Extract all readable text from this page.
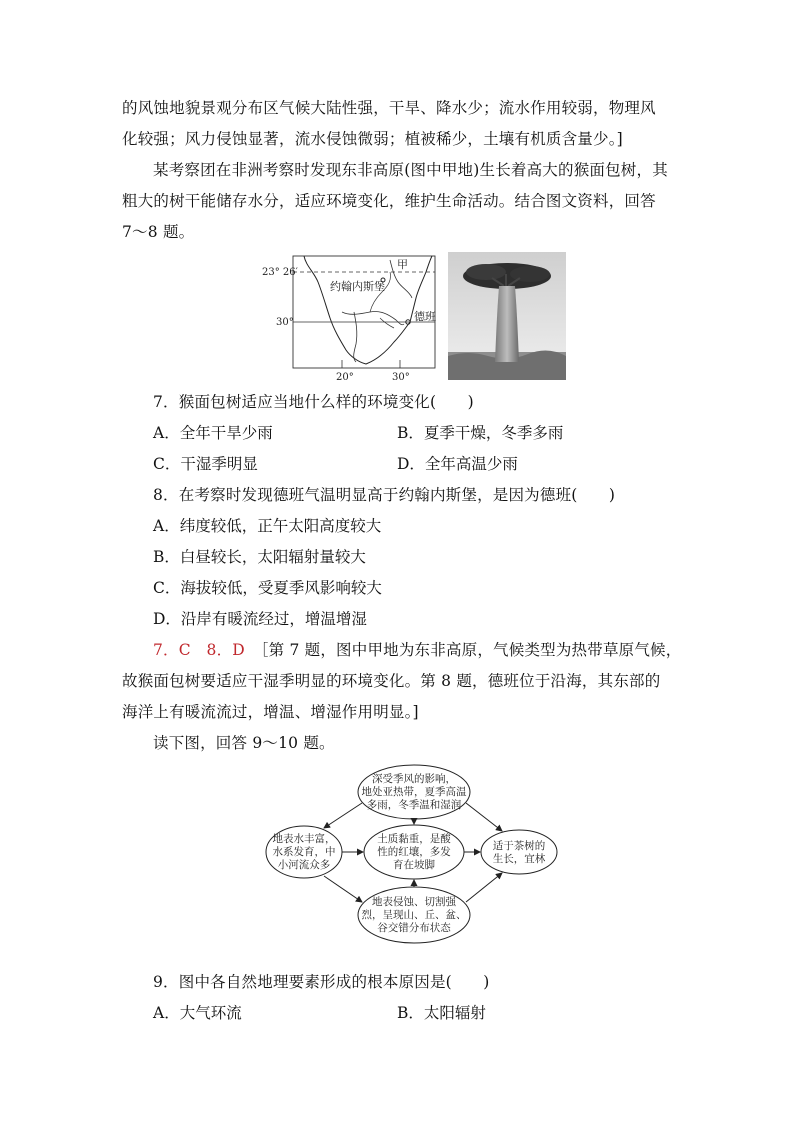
的风蚀地貌景观分布区气候大陆性强，干旱、降水少；流水作用较弱，物理风
化较强；风力侵蚀显著，流水侵蚀微弱；植被稀少，土壤有机质含量少。]
某考察团在非洲考察时发现东非高原(图中甲地)生长着高大的猴面包树，其
粗大的树干能储存水分，适应环境变化，维护生命活动。结合图文资料，回答
7～8 题。
23° 26′
30°
20°	30°
甲
约翰内斯堡
德班
7．猴面包树适应当地什么样的环境变化(　　)
A．全年干旱少雨	B．夏季干燥，冬季多雨
C．干湿季明显	D．全年高温少雨
8．在考察时发现德班气温明显高于约翰内斯堡，是因为德班(　　)
A．纬度较低，正午太阳高度较大
B．白昼较长，太阳辐射量较大
C．海拔较低，受夏季风影响较大
D．沿岸有暖流经过，增温增湿
7．C　8．D ［第 7 题，图中甲地为东非高原，气候类型为热带草原气候，
故猴面包树要适应干湿季明显的环境变化。第 8 题，德班位于沿海，其东部的
海洋上有暖流流过，增温、增湿作用明显。]
读下图，回答 9～10 题。
深受季风的影响，
地处亚热带，夏季高温
多雨，冬季温和湿润
地表水丰富，
水系发育，中
小河流众多
土质黏重，是酸
性的红壤，多发
育在坡脚
适于茶树的
生长，宜林
地表侵蚀、切割强
烈，呈现山、丘、盆、
谷交错分布状态
9．图中各自然地理要素形成的根本原因是(　　)
A．大气环流	B．太阳辐射
